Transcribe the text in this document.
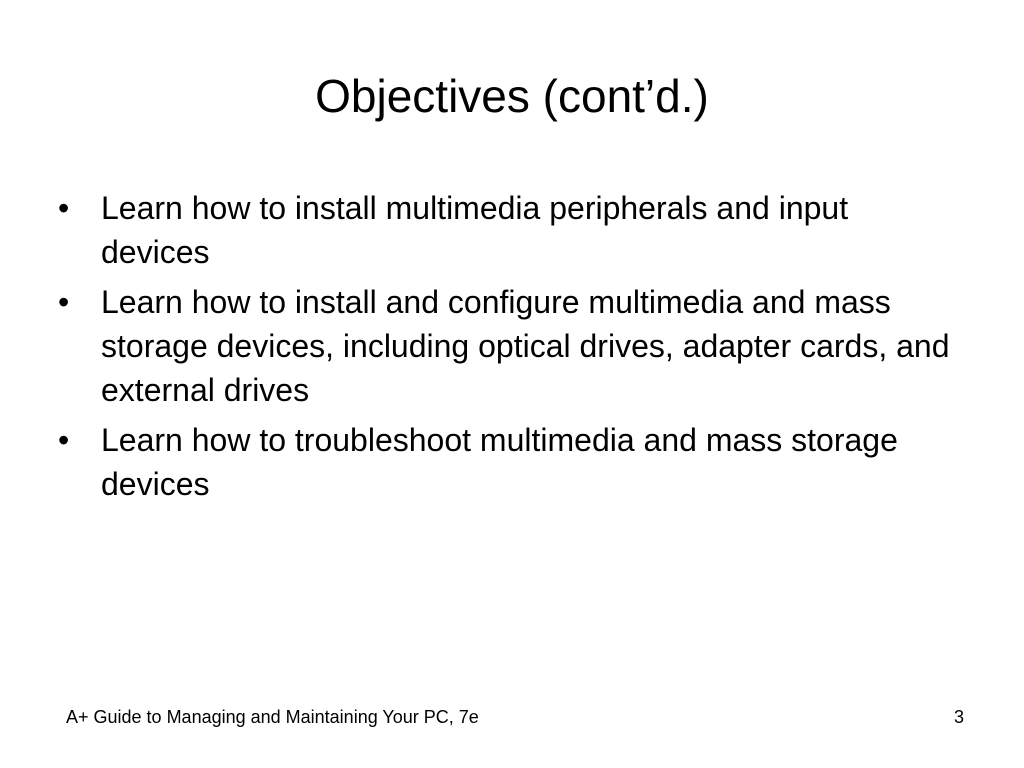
Objectives (cont’d.)
• Learn how to install multimedia peripherals and input devices
• Learn how to install and configure multimedia and mass storage devices, including optical drives, adapter cards, and external drives
• Learn how to troubleshoot multimedia and mass storage devices
A+ Guide to Managing and Maintaining Your PC, 7e	3
